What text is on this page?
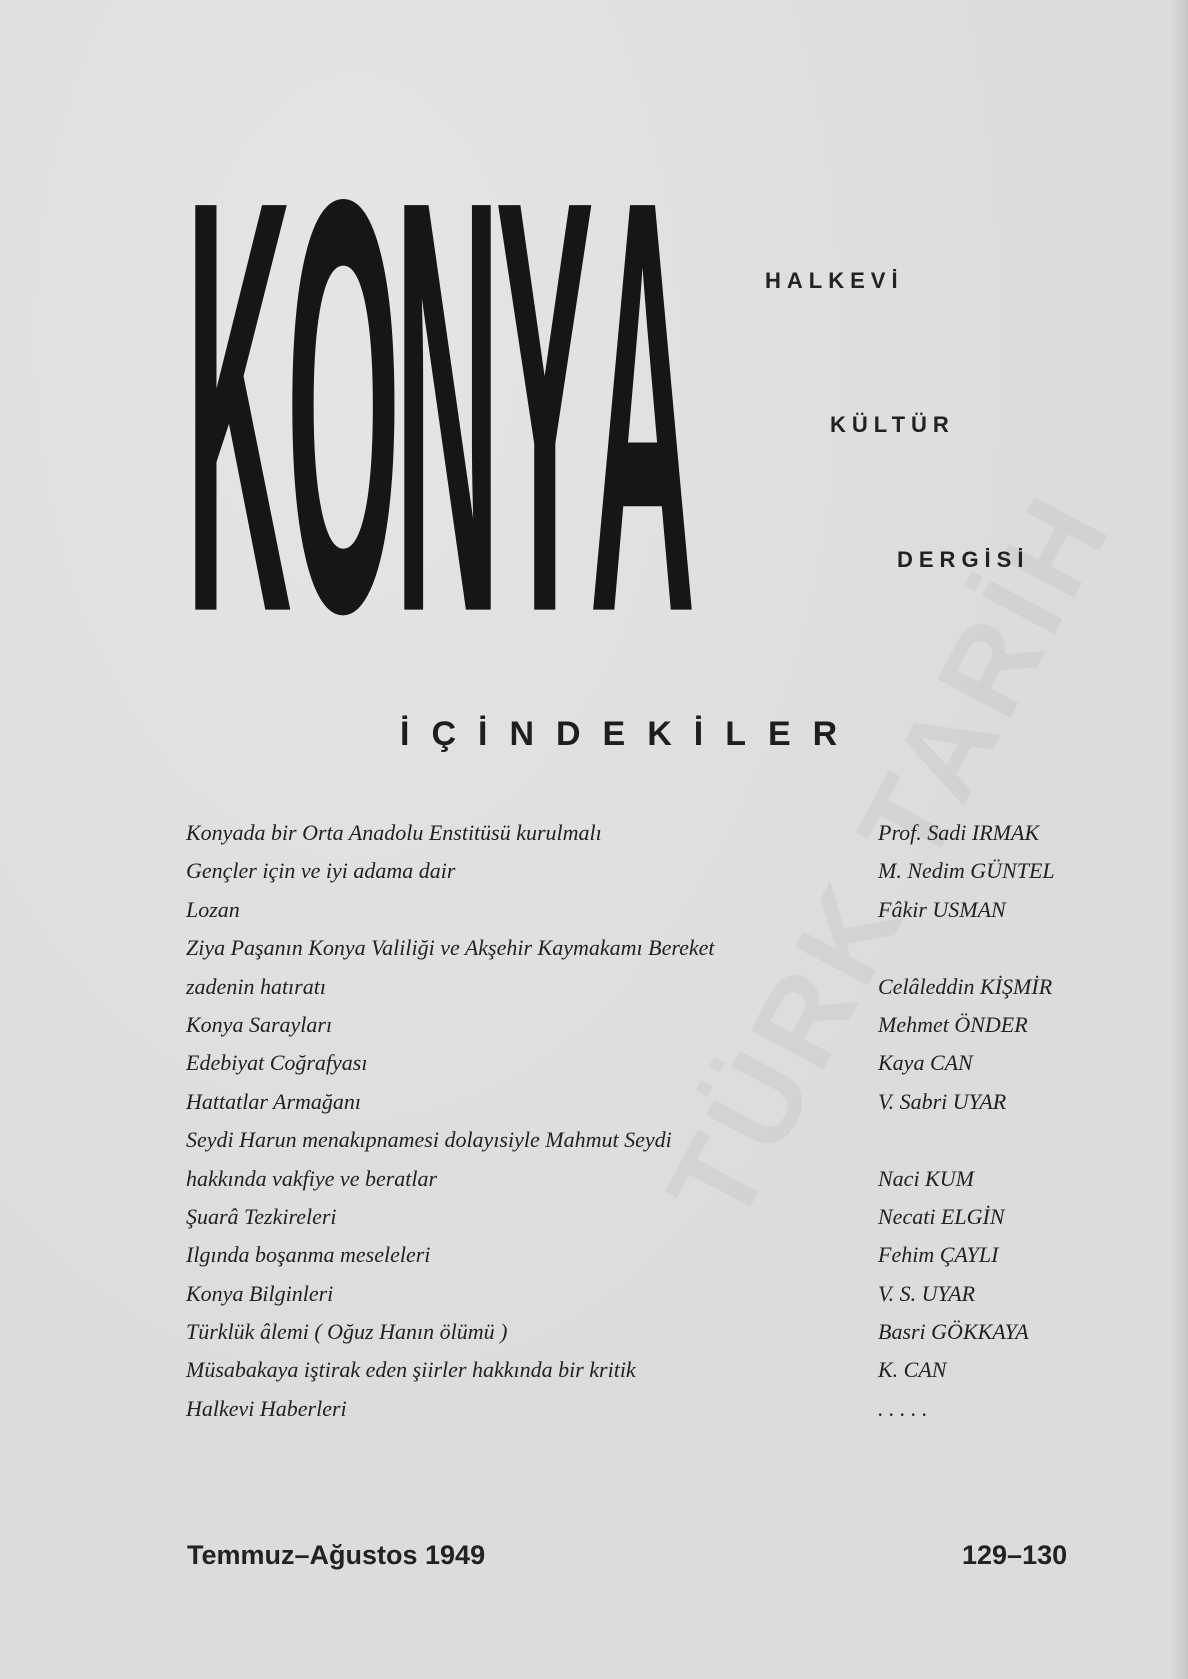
K
O
N
Y
A	HALKEVİ
KÜLTÜR
DERGİSİ
İÇİNDEKİLER
Konyada bir Orta Anadolu Enstitüsü kurulmalı	Prof. Sadi IRMAK
Gençler için ve iyi adama dair	M. Nedim GÜNTEL
Lozan	Fâkir USMAN
Ziya Paşanın Konya Valiliği ve Akşehir Kaymakamı Bereket
zadenin hatıratı	Celâleddin KİŞMİR
Konya Sarayları	Mehmet ÖNDER
Edebiyat Coğrafyası	Kaya CAN
Hattatlar Armağanı	V. Sabri UYAR
Seydi Harun menakıpnamesi dolayısiyle Mahmut Seydi
hakkında vakfiye ve beratlar	Naci KUM
Şuarâ Tezkireleri	Necati ELGİN
Ilgında boşanma meseleleri	Fehim ÇAYLI
Konya Bilginleri	V. S. UYAR
Türklük âlemi ( Oğuz Hanın ölümü )	Basri GÖKKAYA
Müsabakaya iştirak eden şiirler hakkında bir kritik	K. CAN
Halkevi Haberleri	. . . . .
Temmuz–Ağustos 1949	129–130
